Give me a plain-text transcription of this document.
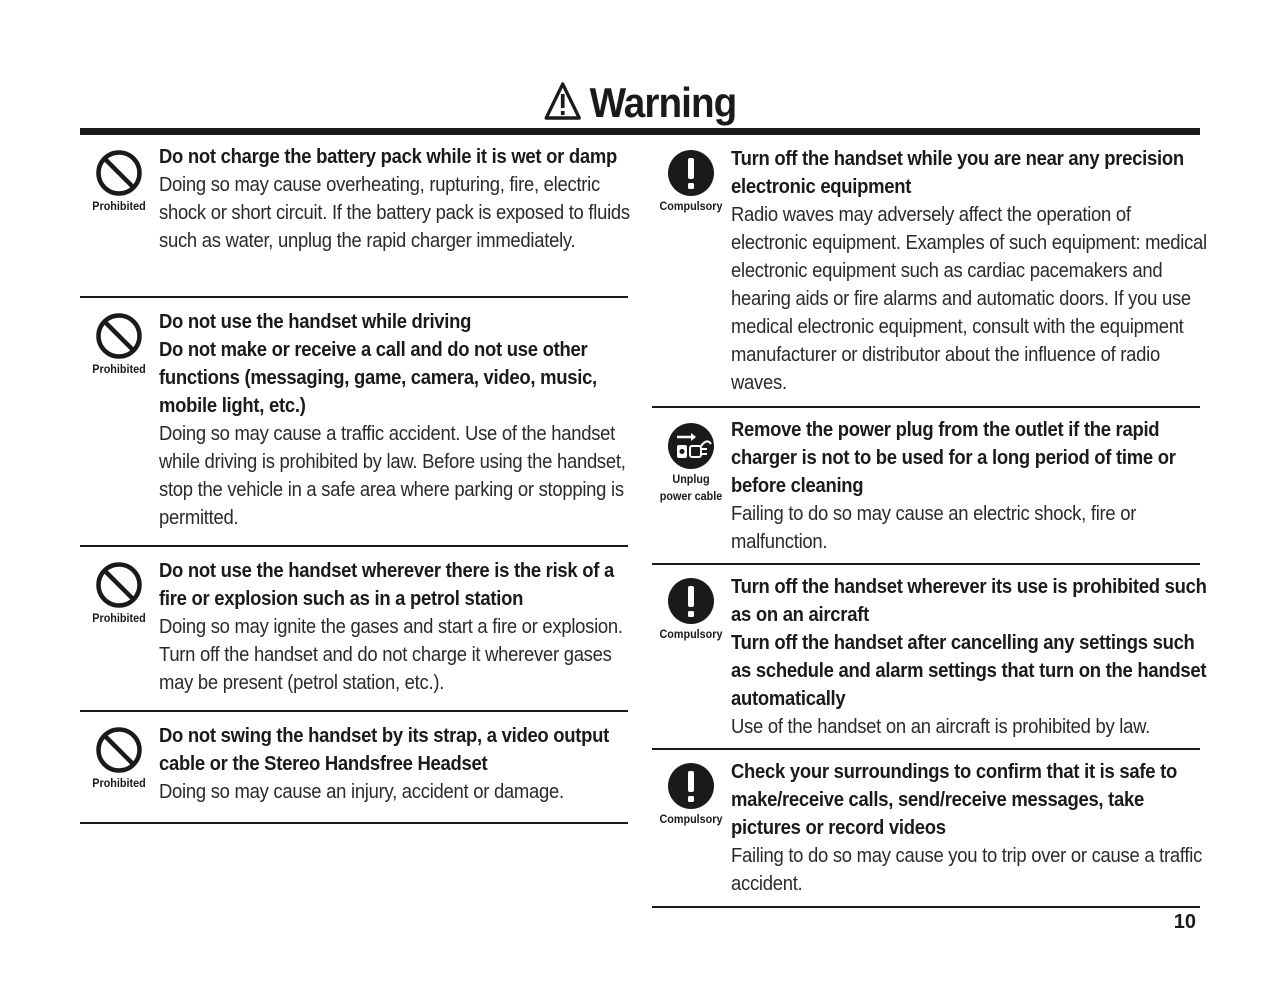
Warning
Prohibited
Do not charge the battery pack while it is wet or damp
Doing so may cause overheating, rupturing, fire, electric shock or short circuit. If the battery pack is exposed to fluids such as water, unplug the rapid charger immediately.
Prohibited
Do not use the handset while driving
Do not make or receive a call and do not use other functions (messaging, game, camera, video, music, mobile light, etc.)
Doing so may cause a traffic accident. Use of the handset while driving is prohibited by law. Before using the handset, stop the vehicle in a safe area where parking or stopping is permitted.
Prohibited
Do not use the handset wherever there is the risk of a fire or explosion such as in a petrol station
Doing so may ignite the gases and start a fire or explosion. Turn off the handset and do not charge it wherever gases may be present (petrol station, etc.).
Prohibited
Do not swing the handset by its strap, a video output cable or the Stereo Handsfree Headset
Doing so may cause an injury, accident or damage.
Compulsory
Turn off the handset while you are near any precision electronic equipment
Radio waves may adversely affect the operation of electronic equipment. Examples of such equipment: medical electronic equipment such as cardiac pacemakers and hearing aids or fire alarms and automatic doors. If you use medical electronic equipment, consult with the equipment manufacturer or distributor about the influence of radio waves.
Unplug power cable
Remove the power plug from the outlet if the rapid charger is not to be used for a long period of time or before cleaning
Failing to do so may cause an electric shock, fire or malfunction.
Compulsory
Turn off the handset wherever its use is prohibited such as on an aircraft
Turn off the handset after cancelling any settings such as schedule and alarm settings that turn on the handset automatically
Use of the handset on an aircraft is prohibited by law.
Compulsory
Check your surroundings to confirm that it is safe to make/receive calls, send/receive messages, take pictures or record videos
Failing to do so may cause you to trip over or cause a traffic accident.
10
